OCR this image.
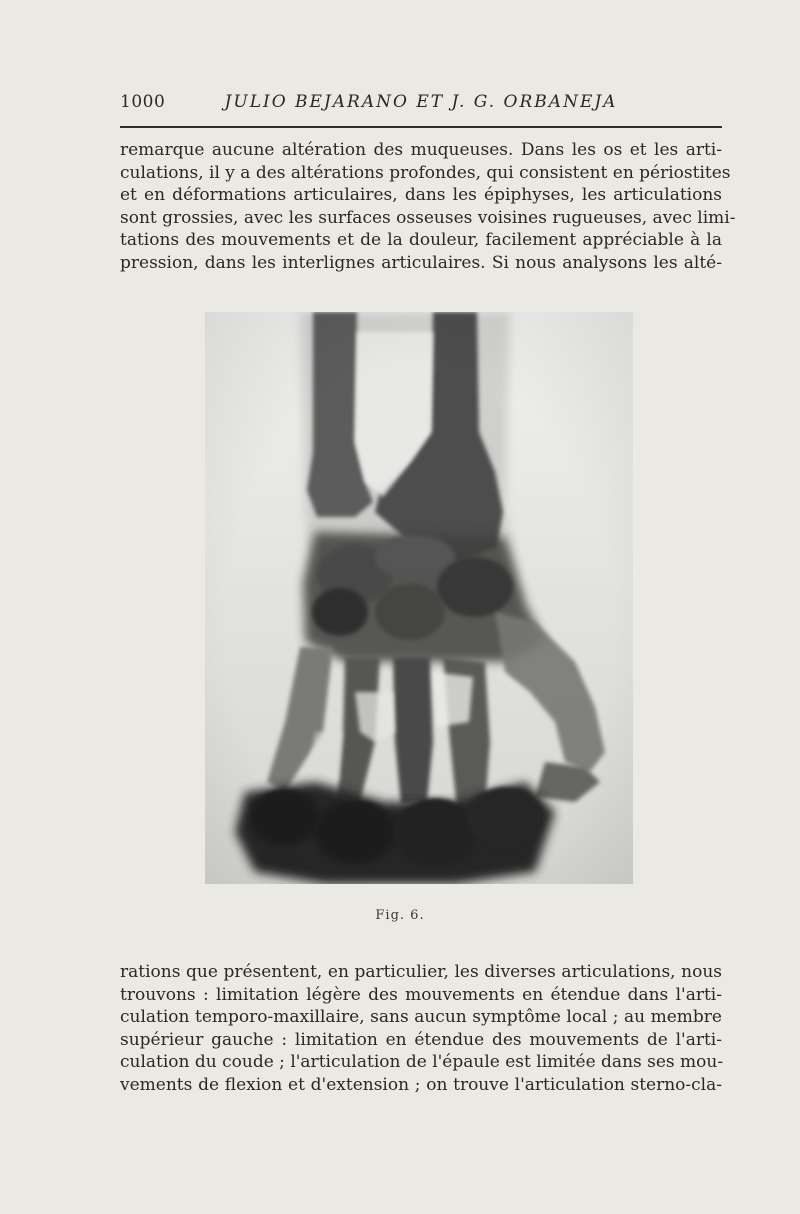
1000	JULIO BEJARANO ET J. G. ORBANEJA

remarque aucune altération des muqueuses. Dans les os et les arti-
culations, il y a des altérations profondes, qui consistent en périostites
et en déformations articulaires, dans les épiphyses, les articulations
sont grossies, avec les surfaces osseuses voisines rugueuses, avec limi-
tations des mouvements et de la douleur, facilement appréciable à la
pression, dans les interlignes articulaires. Si nous analysons les alté-

Fig. 6.

rations que présentent, en particulier, les diverses articulations, nous
trouvons : limitation légère des mouvements en étendue dans l'arti-
culation temporo-maxillaire, sans aucun symptôme local ; au membre
supérieur gauche : limitation en étendue des mouvements de l'arti-
culation du coude ; l'articulation de l'épaule est limitée dans ses mou-
vements de flexion et d'extension ; on trouve l'articulation sterno-cla-
